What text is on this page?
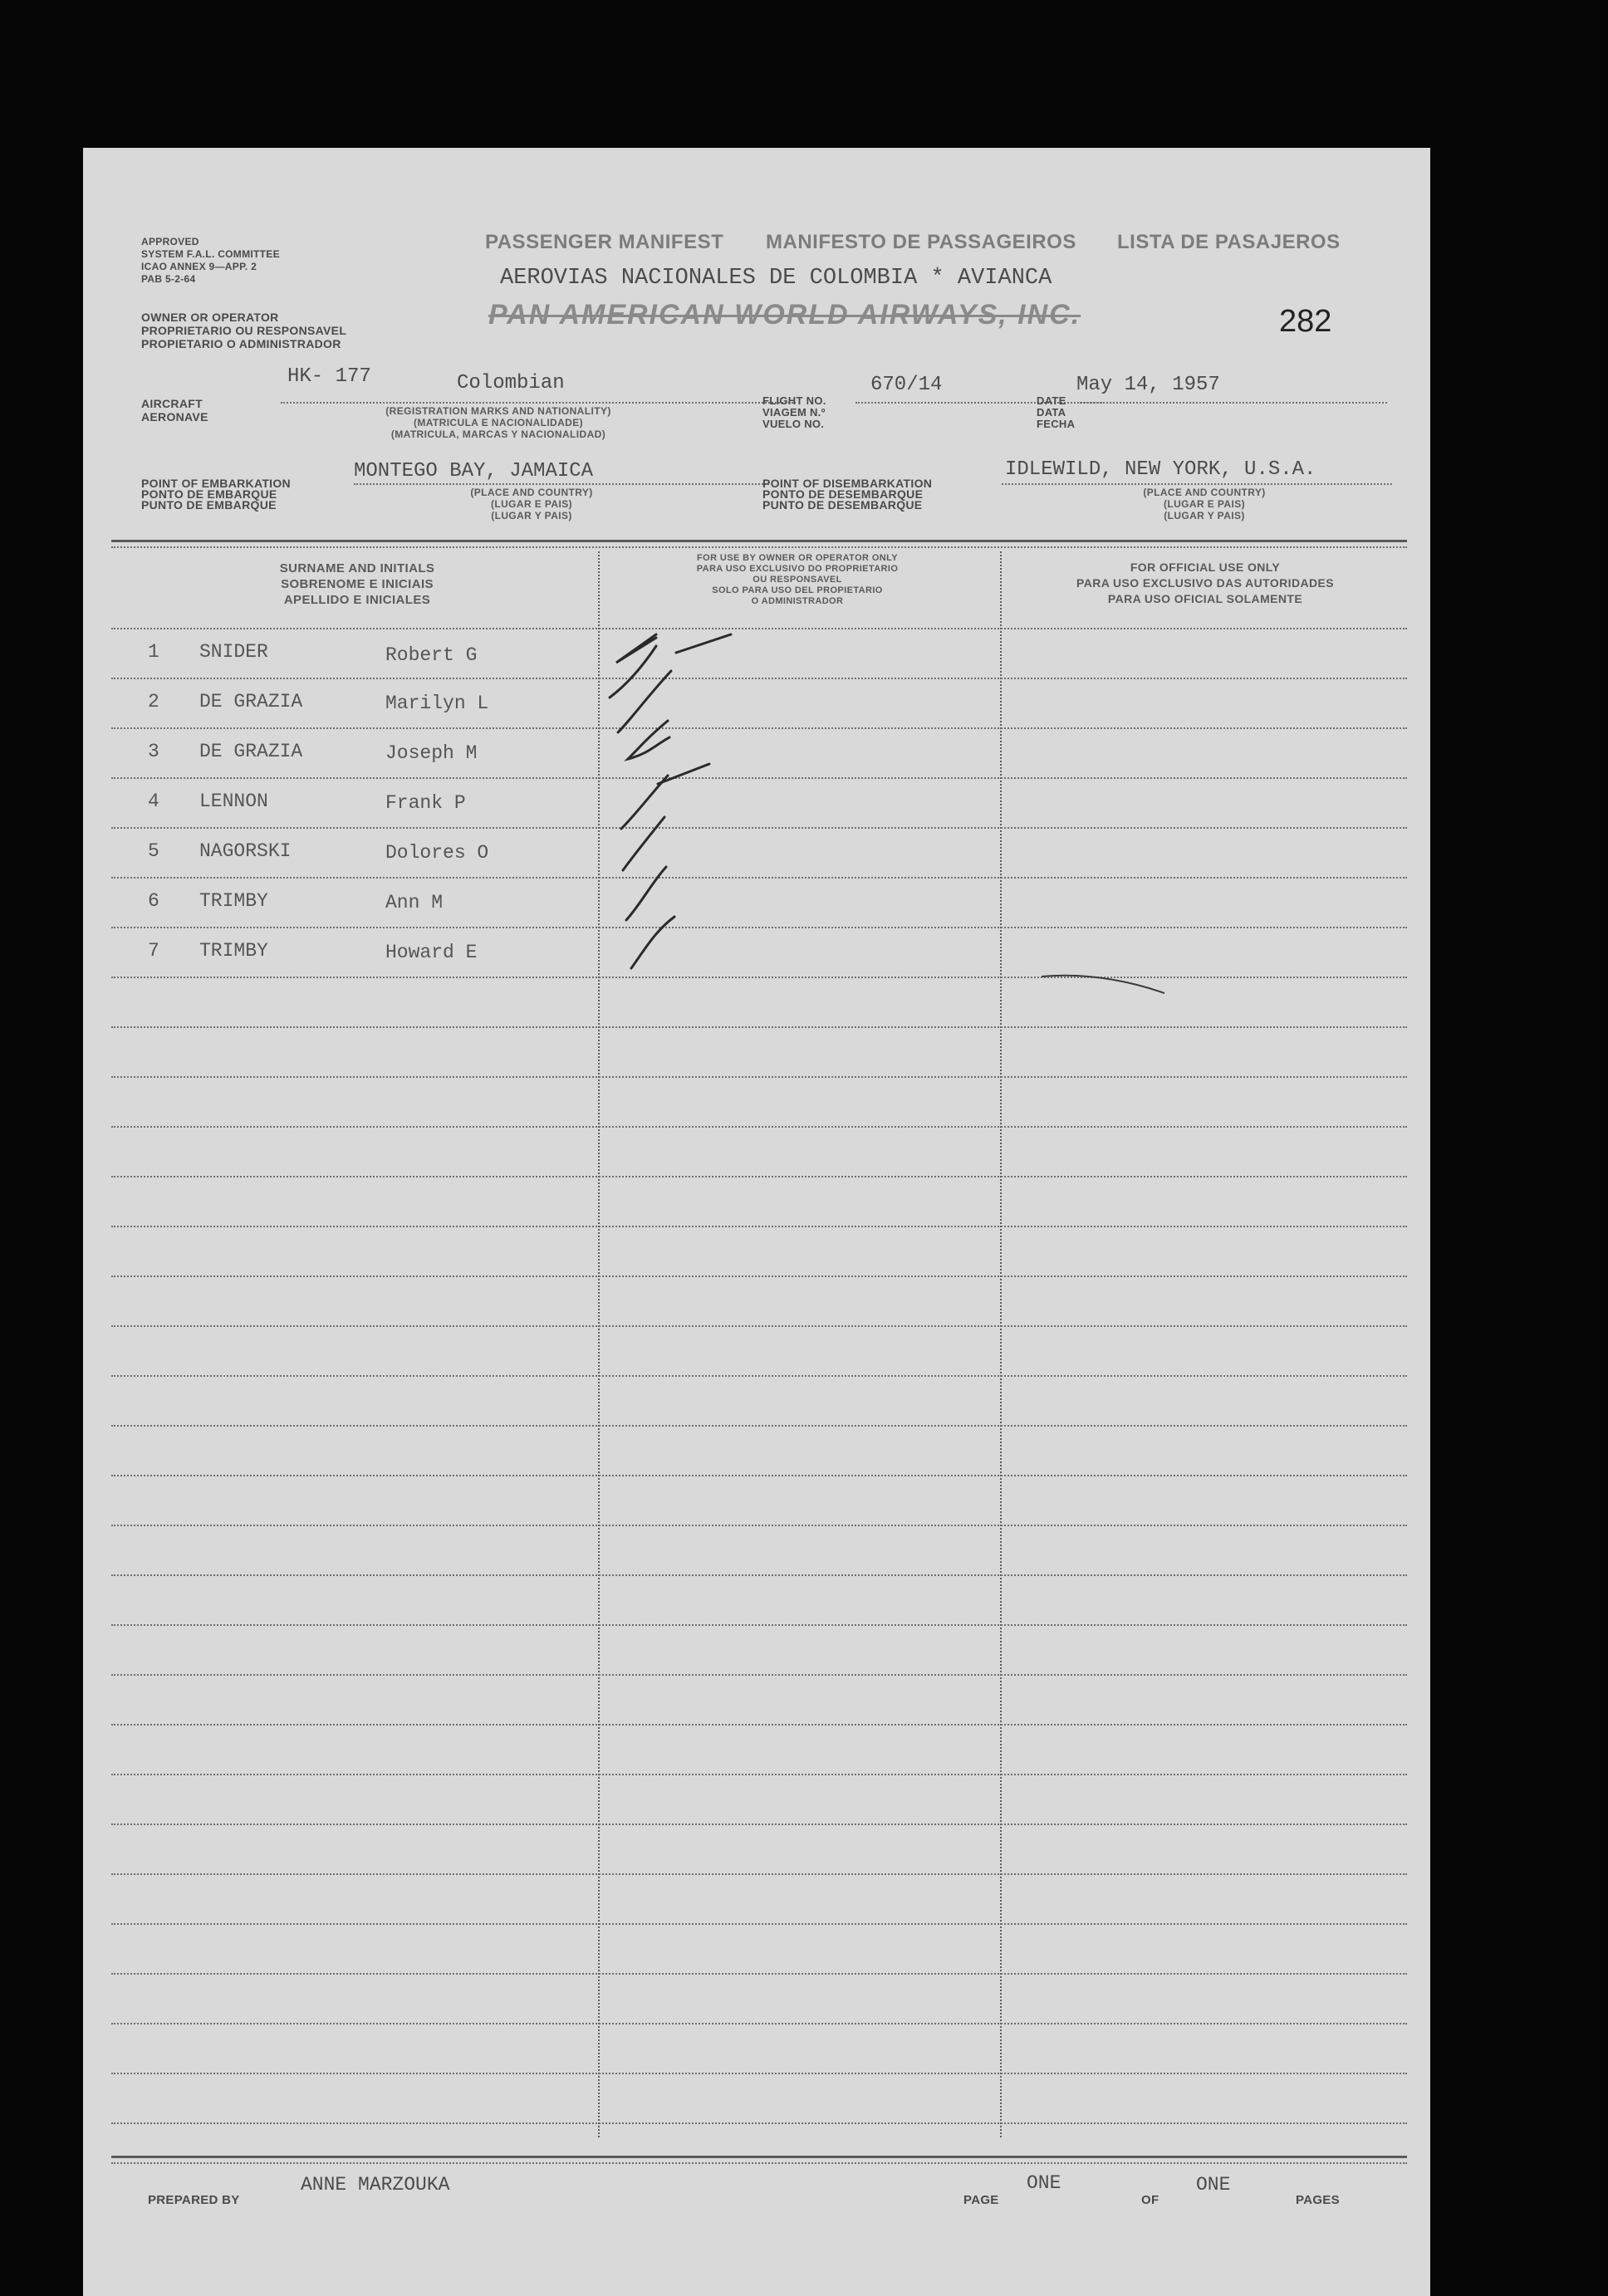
APPROVED
SYSTEM F.A.L. COMMITTEE
ICAO ANNEX 9—APP. 2
PAB 5-2-64
OWNER OR OPERATOR
PROPRIETARIO OU RESPONSAVEL
PROPIETARIO O ADMINISTRADOR
PASSENGER MANIFEST MANIFESTO DE PASSAGEIROS LISTA DE PASAJEROS
AEROVIAS NACIONALES DE COLOMBIA * AVIANCA
PAN AMERICAN WORLD AIRWAYS, INC.	282
AIRCRAFT
AERONAVE
HK- 177	Colombian
(REGISTRATION MARKS AND NATIONALITY)
(MATRICULA E NACIONALIDADE)
(MATRICULA, MARCAS Y NACIONALIDAD)
FLIGHT NO.
VIAGEM N.º
VUELO NO.
670/14
DATE
DATA
FECHA
May 14, 1957
POINT OF EMBARKATION
PONTO DE EMBARQUE
PUNTO DE EMBARQUE
MONTEGO BAY, JAMAICA
(PLACE AND COUNTRY)
(LUGAR E PAIS)
(LUGAR Y PAIS)
POINT OF DISEMBARKATION
PONTO DE DESEMBARQUE
PUNTO DE DESEMBARQUE
IDLEWILD, NEW YORK, U.S.A.
(PLACE AND COUNTRY)
(LUGAR E PAIS)
(LUGAR Y PAIS)
SURNAME AND INITIALS
SOBRENOME E INICIAIS
APELLIDO E INICIALES
FOR USE BY OWNER OR OPERATOR ONLY
PARA USO EXCLUSIVO DO PROPRIETARIO
OU RESPONSAVEL
SOLO PARA USO DEL PROPIETARIO
O ADMINISTRADOR
FOR OFFICIAL USE ONLY
PARA USO EXCLUSIVO DAS AUTORIDADES
PARA USO OFICIAL SOLAMENTE
1 SNIDER	Robert G
2 DE GRAZIA	Marilyn L
3 DE GRAZIA	Joseph M
4 LENNON	Frank P
5 NAGORSKI	Dolores O
6 TRIMBY	Ann M
7 TRIMBY	Howard E
PREPARED BY
ANNE MARZOUKA
PAGE
ONE
OF
ONE
PAGES
